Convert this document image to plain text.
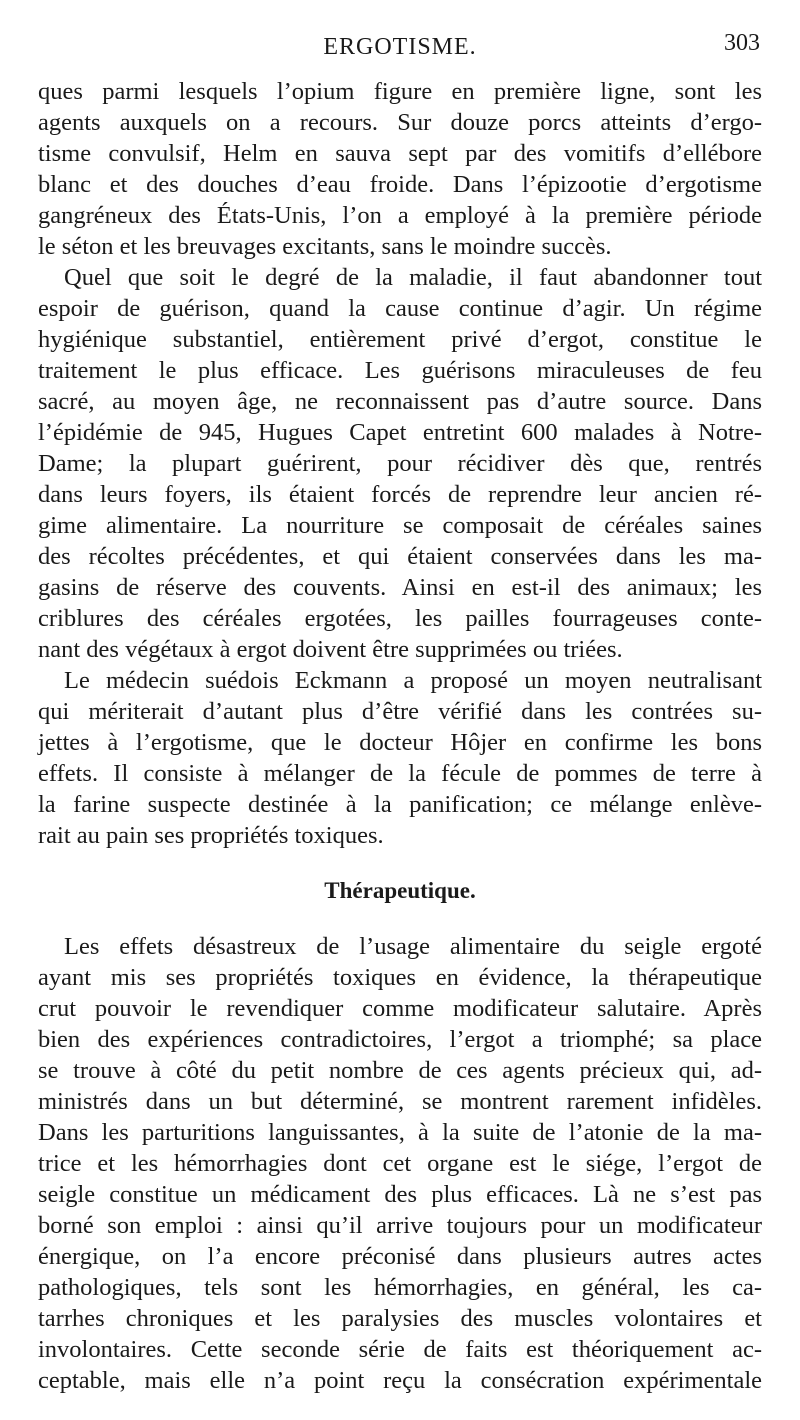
ERGOTISME.	303
ques parmi lesquels l’opium figure en première ligne, sont les
agents auxquels on a recours. Sur douze porcs atteints d’ergo-
tisme convulsif, Helm en sauva sept par des vomitifs d’ellébore
blanc et des douches d’eau froide. Dans l’épizootie d’ergotisme
gangréneux des États-Unis, l’on a employé à la première période
le séton et les breuvages excitants, sans le moindre succès.
Quel que soit le degré de la maladie, il faut abandonner tout
espoir de guérison, quand la cause continue d’agir. Un régime
hygiénique substantiel, entièrement privé d’ergot, constitue le
traitement le plus efficace. Les guérisons miraculeuses de feu
sacré, au moyen âge, ne reconnaissent pas d’autre source. Dans
l’épidémie de 945, Hugues Capet entretint 600 malades à Notre-
Dame; la plupart guérirent, pour récidiver dès que, rentrés
dans leurs foyers, ils étaient forcés de reprendre leur ancien ré-
gime alimentaire. La nourriture se composait de céréales saines
des récoltes précédentes, et qui étaient conservées dans les ma-
gasins de réserve des couvents. Ainsi en est-il des animaux; les
criblures des céréales ergotées, les pailles fourrageuses conte-
nant des végétaux à ergot doivent être supprimées ou triées.
Le médecin suédois Eckmann a proposé un moyen neutralisant
qui mériterait d’autant plus d’être vérifié dans les contrées su-
jettes à l’ergotisme, que le docteur Hôjer en confirme les bons
effets. Il consiste à mélanger de la fécule de pommes de terre à
la farine suspecte destinée à la panification; ce mélange enlève-
rait au pain ses propriétés toxiques.
Thérapeutique.
Les effets désastreux de l’usage alimentaire du seigle ergoté
ayant mis ses propriétés toxiques en évidence, la thérapeutique
crut pouvoir le revendiquer comme modificateur salutaire. Après
bien des expériences contradictoires, l’ergot a triomphé; sa place
se trouve à côté du petit nombre de ces agents précieux qui, ad-
ministrés dans un but déterminé, se montrent rarement infidèles.
Dans les parturitions languissantes, à la suite de l’atonie de la ma-
trice et les hémorrhagies dont cet organe est le siége, l’ergot de
seigle constitue un médicament des plus efficaces. Là ne s’est pas
borné son emploi : ainsi qu’il arrive toujours pour un modificateur
énergique, on l’a encore préconisé dans plusieurs autres actes
pathologiques, tels sont les hémorrhagies, en général, les ca-
tarrhes chroniques et les paralysies des muscles volontaires et
involontaires. Cette seconde série de faits est théoriquement ac-
ceptable, mais elle n’a point reçu la consécration expérimentale
